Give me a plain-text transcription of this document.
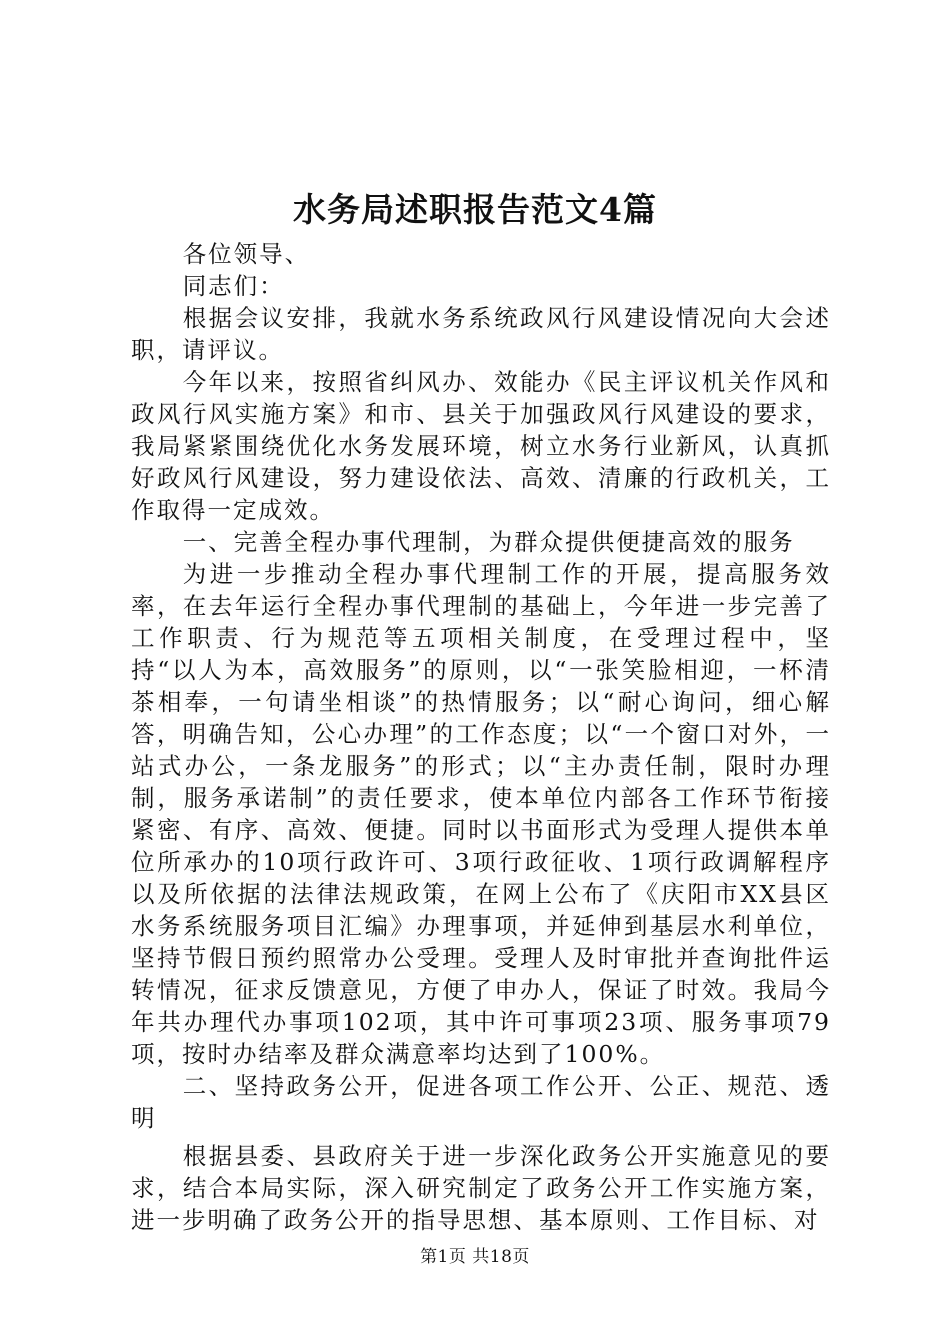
水务局述职报告范文4篇

各位领导、

同志们：

根据会议安排，我就水务系统政风行风建设情况向大会述职，请评议。

今年以来，按照省纠风办、效能办《民主评议机关作风和政风行风实施方案》和市、县关于加强政风行风建设的要求，我局紧紧围绕优化水务发展环境，树立水务行业新风，认真抓好政风行风建设，努力建设依法、高效、清廉的行政机关，工作取得一定成效。

一、完善全程办事代理制，为群众提供便捷高效的服务

为进一步推动全程办事代理制工作的开展，提高服务效率，在去年运行全程办事代理制的基础上，今年进一步完善了工作职责、行为规范等五项相关制度，在受理过程中，坚持“以人为本，高效服务”的原则，以“一张笑脸相迎，一杯清茶相奉，一句请坐相谈”的热情服务；以“耐心询问，细心解答，明确告知，公心办理”的工作态度；以“一个窗口对外，一站式办公，一条龙服务”的形式；以“主办责任制，限时办理制，服务承诺制”的责任要求，使本单位内部各工作环节衔接紧密、有序、高效、便捷。同时以书面形式为受理人提供本单位所承办的10项行政许可、3项行政征收、1项行政调解程序以及所依据的法律法规政策，在网上公布了《庆阳市XX县区水务系统服务项目汇编》办理事项，并延伸到基层水利单位，坚持节假日预约照常办公受理。受理人及时审批并查询批件运转情况，征求反馈意见，方便了申办人，保证了时效。我局今年共办理代办事项102项，其中许可事项23项、服务事项79项，按时办结率及群众满意率均达到了100%。

二、坚持政务公开，促进各项工作公开、公正、规范、透明

根据县委、县政府关于进一步深化政务公开实施意见的要求，结合本局实际，深入研究制定了政务公开工作实施方案，进一步明确了政务公开的指导思想、基本原则、工作目标、对

第1页 共18页
